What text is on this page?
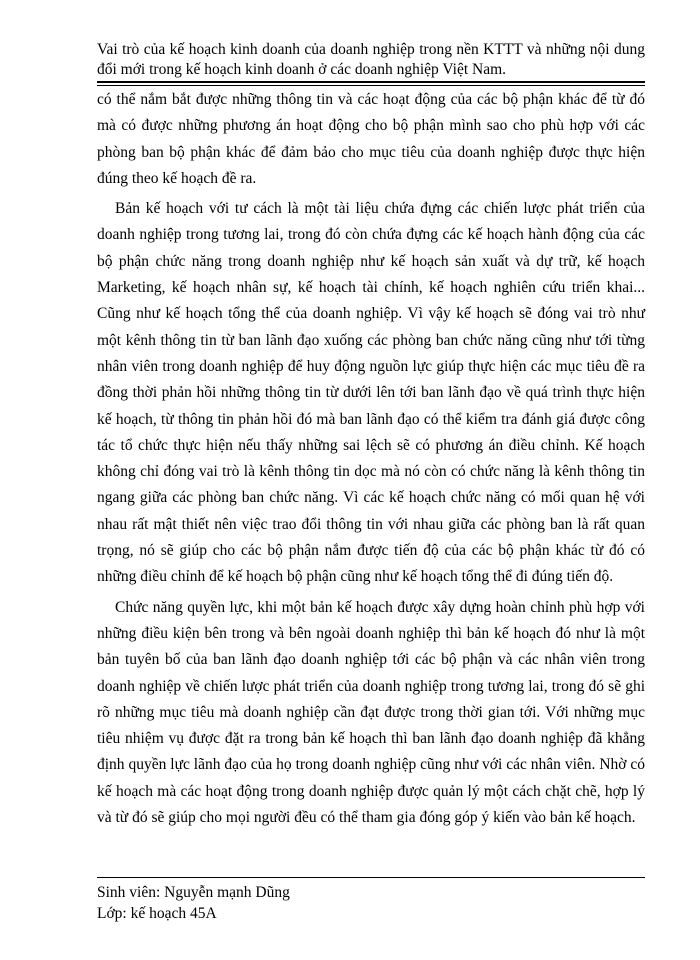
Vai trò của kế hoạch kinh doanh của doanh nghiệp trong nền KTTT và những nội dung đổi mới trong kế hoạch kinh doanh ở các doanh nghiệp Việt Nam.

có thể nắm bắt được những thông tin và các hoạt động của các bộ phận khác để từ đó mà có được những phương án hoạt động cho bộ phận mình sao cho phù hợp với các phòng ban bộ phận khác để đảm bảo cho mục tiêu của doanh nghiệp được thực hiện đúng theo kế hoạch đề ra.

Bản kế hoạch với tư cách là một tài liệu chứa đựng các chiến lược phát triển của doanh nghiệp trong tương lai, trong đó còn chứa đựng các kế hoạch hành động của các bộ phận chức năng trong doanh nghiệp như kế hoạch sản xuất và dự trữ, kế hoạch Marketing, kế hoạch nhân sự, kế hoạch tài chính, kế hoạch nghiên cứu triển khai... Cũng như kế hoạch tổng thể của doanh nghiệp. Vì vậy kế hoạch sẽ đóng vai trò như một kênh thông tin từ ban lãnh đạo xuống các phòng ban chức năng cũng như tới từng nhân viên trong doanh nghiệp để huy động nguồn lực giúp thực hiện các mục tiêu đề ra đồng thời phản hồi những thông tin từ dưới lên tới ban lãnh đạo về quá trình thực hiện kế hoạch, từ thông tin phản hồi đó mà ban lãnh đạo có thể kiểm tra đánh giá được công tác tổ chức thực hiện nếu thấy những sai lệch sẽ có phương án điều chỉnh. Kế hoạch không chỉ đóng vai trò là kênh thông tin dọc mà nó còn có chức năng là kênh thông tin ngang giữa các phòng ban chức năng. Vì các kế hoạch chức năng có mối quan hệ với nhau rất mật thiết nên việc trao đổi thông tin với nhau giữa các phòng ban là rất quan trọng, nó sẽ giúp cho các bộ phận nắm được tiến độ của các bộ phận khác từ đó có những điều chỉnh để kế hoạch bộ phận cũng như kế hoạch tổng thể đi đúng tiến độ.

Chức năng quyền lực, khi một bản kế hoạch được xây dựng hoàn chỉnh phù hợp với những điều kiện bên trong và bên ngoài doanh nghiệp thì bản kế hoạch đó như là một bản tuyên bố của ban lãnh đạo doanh nghiệp tới các bộ phận và các nhân viên trong doanh nghiệp về chiến lược phát triển của doanh nghiệp trong tương lai, trong đó sẽ ghi rõ những mục tiêu mà doanh nghiệp cần đạt được trong thời gian tới. Với những mục tiêu nhiệm vụ được đặt ra trong bản kế hoạch thì ban lãnh đạo doanh nghiệp đã khẳng định quyền lực lãnh đạo của họ trong doanh nghiệp cũng như với các nhân viên. Nhờ có kế hoạch mà các hoạt động trong doanh nghiệp được quản lý một cách chặt chẽ, hợp lý và từ đó sẽ giúp cho mọi người đều có thể tham gia đóng góp ý kiến vào bản kế hoạch.

Sinh viên: Nguyễn mạnh Dũng
Lớp: kế hoạch 45A
